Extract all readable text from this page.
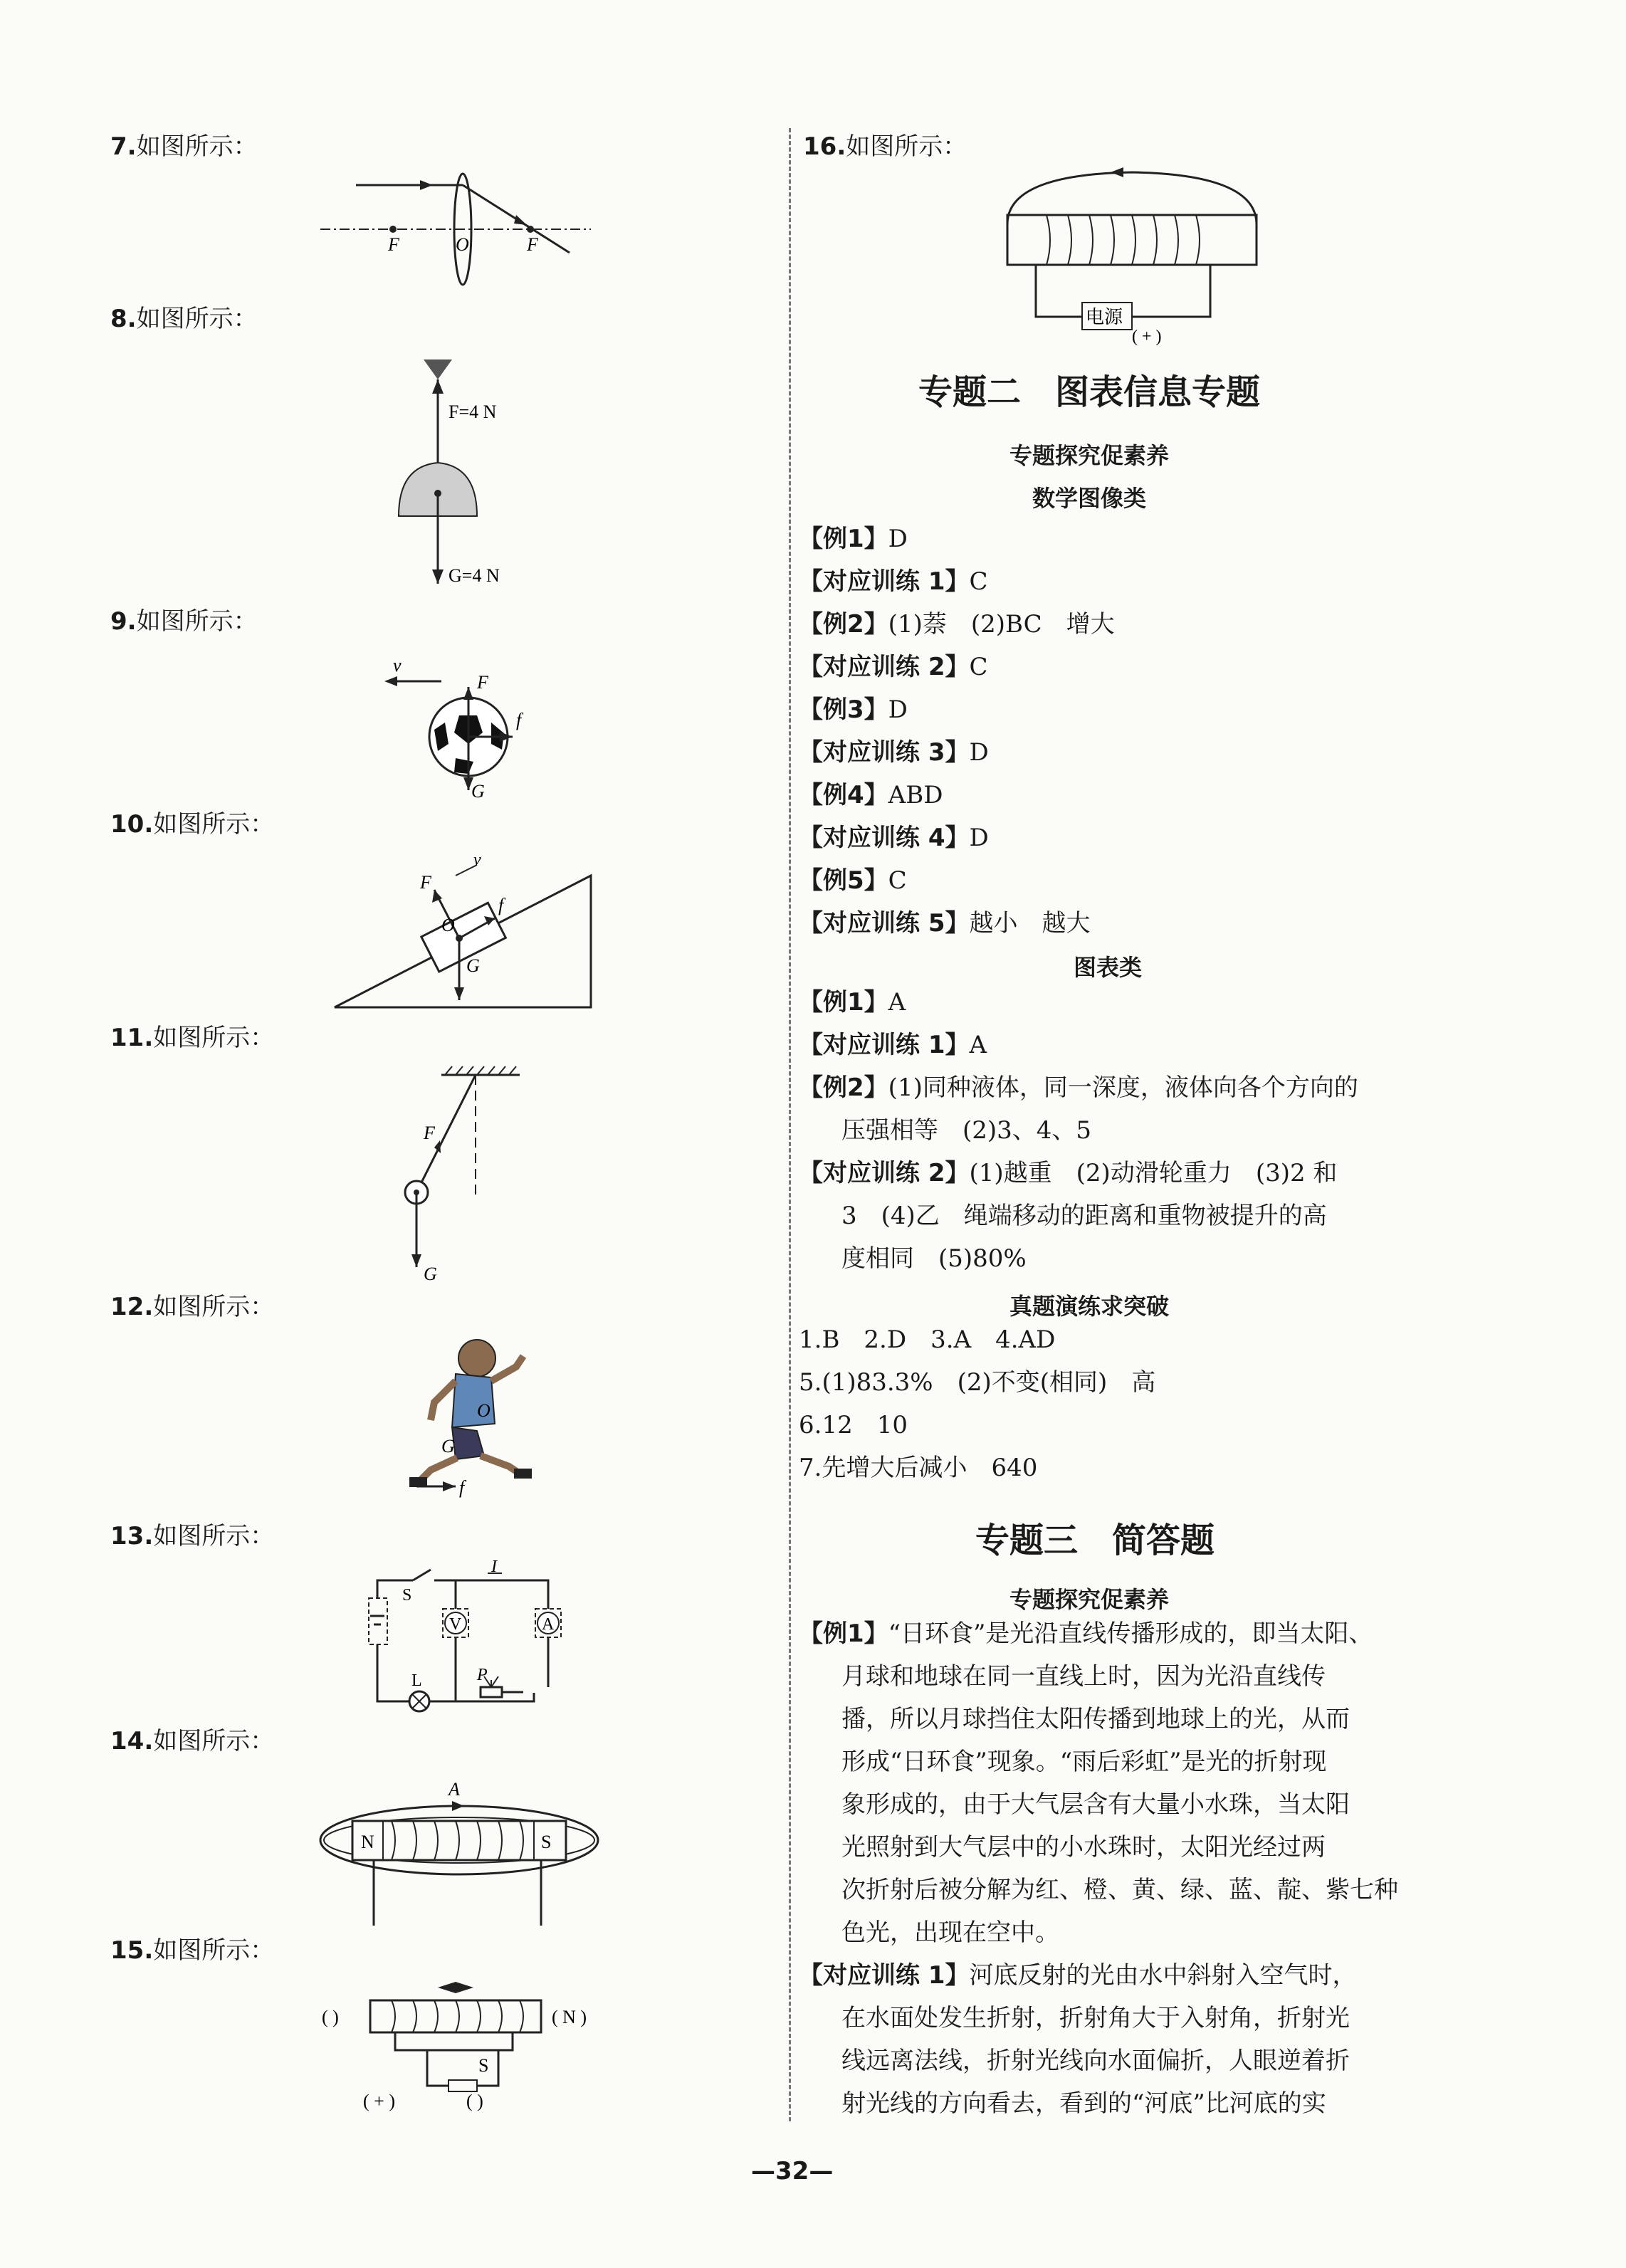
7.如图所示：
F	O	F
8.如图所示：
F=4 N
G=4 N
9.如图所示：
v
F
f
G
10.如图所示：
F
v
f
O
G
11.如图所示：
F
G
12.如图所示：
O
G
f
13.如图所示：
S
I
V	A
L	P
14.如图所示：
A
N	S
15.如图所示：
( )	( N )
S
( + )	( )
16.如图所示：
电源
( + )
专题二　图表信息专题
专题探究促素养
数学图像类
【例1】D
【对应训练 1】C
【例2】(1)萘　(2)BC　增大
【对应训练 2】C
【例3】D
【对应训练 3】D
【例4】ABD
【对应训练 4】D
【例5】C
【对应训练 5】越小　越大
图表类
【例1】A
【对应训练 1】A
【例2】(1)同种液体，同一深度，液体向各个方向的
压强相等　(2)3、4、5
【对应训练 2】(1)越重　(2)动滑轮重力　(3)2 和
3　(4)乙　绳端移动的距离和重物被提升的高
度相同　(5)80%
真题演练求突破
1.B　2.D　3.A　4.AD
5.(1)83.3%　(2)不变(相同)　高
6.12　10
7.先增大后减小　640
专题三　简答题
专题探究促素养
【例1】“日环食”是光沿直线传播形成的，即当太阳、
月球和地球在同一直线上时，因为光沿直线传
播，所以月球挡住太阳传播到地球上的光，从而
形成“日环食”现象。“雨后彩虹”是光的折射现
象形成的，由于大气层含有大量小水珠，当太阳
光照射到大气层中的小水珠时，太阳光经过两
次折射后被分解为红、橙、黄、绿、蓝、靛、紫七种
色光，出现在空中。
【对应训练 1】河底反射的光由水中斜射入空气时，
在水面处发生折射，折射角大于入射角，折射光
线远离法线，折射光线向水面偏折，人眼逆着折
射光线的方向看去，看到的“河底”比河底的实
—32—
